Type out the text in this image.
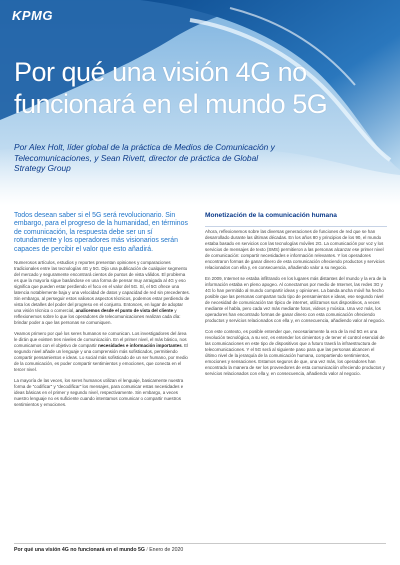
KPMG
Por qué una visión 4G no
funcionará en el mundo 5G
Por Alex Holt, líder global de la práctica de Medios de Comunicación y Telecomunicaciones, y Sean Rivett, director de práctica de Global Strategy Group

Todos desean saber si el 5G será revolucionario. Sin embargo, para el progreso de la humanidad, en términos de comunicación, la respuesta debe ser un sí rotundamente y los operadores más visionarios serán capaces de percibir el valor que esto añadirá.

Numerosos artículos, estudios y reportes presentan opiniones y comparaciones tradicionales entre las tecnologías 4G y 5G. Dijo una publicación de cualquier segmento del mercado y seguramente encontrará cientos de puntos de vista válidos. El problema es que la mayoría sigue basándose en una forma de pensar muy arraigada al 4G y eso significa que pueden estar perdiendo el foco en el valor del 5G. Sí, el 5G ofrece una latencia notablemente baja y una velocidad de datos y capacidad de red sin precedentes. Sin embargo, al perseguir estos valiosos aspectos técnicos, podemos estar perdiendo de vista los detalles del poder del progreso en el conjunto. Entonces, en lugar de adoptar una visión técnica o comercial, analicemos desde el punto de vista del cliente y reflexionemos sobre lo que los operadores de telecomunicaciones realizan cada día: brindar poder a que las personas se comuniquen.

Veamos primero por qué los seres humanos se comunican. Los investigadores del área le dirán que existen tres niveles de comunicación. En el primer nivel, el más básico, nos comunicamos con el objetivo de compartir necesidades e información importantes. El segundo nivel añade un lenguaje y una comprensión más sofisticados, permitiendo compartir pensamientos e ideas. Lo social más sofisticado de un ser humano, por medio de la comunicación, es poder compartir sentimientos y emociones, que conecta en el tercer nivel.

La mayoría de las veces, los seres humanos utilizan el lenguaje, basicamente nuestra forma de “codificar” y “decodificar” los mensajes, para comunicar estas necesidades e ideas básicas en el primer y segundo nivel, respectivamente. Sin embargo, a veces nuestro lenguaje no es suficiente cuando intentamos comunicar o compartir nuestros sentimientos y emociones.

Monetización de la comunicación humana

Ahora, reflexionemos sobre las diversas generaciones de funciones de red que se han desarrollado durante las últimas décadas. En los años 80 y principios de los 90, el mundo estaba basado en servicios con las tecnologías móviles 2G. La comunicación por voz y los servicios de mensajes de texto (SMS) permitieron a las personas alcanzar ese primer nivel de comunicación: compartir necesidades e información relevantes. Y los operadores encontraron formas de ganar dinero de esta comunicación ofreciendo productos y servicios relacionados con ella y, en consecuencia, añadiendo valor a su negocio.

En 2009, Internet se estaba infiltrando en los lugares más distantes del mundo y la era de la información estaba en pleno apogeo. Al conectarnos por medio de Internet, las redes 3G y 4G lo han permitido al mundo compartir ideas y opiniones. La banda ancha móvil ha hecho posible que las personas compartan todo tipo de pensamientos e ideas, ese segundo nivel de necesidad de comunicación tan típico de internet, utilizamos sus dispositivos, a veces mediante el habla, pero cada vez más mediante fotos, videos y música. Una vez más, los operadores han encontrado formas de ganar dinero con esta comunicación ofreciendo productos y servicios relacionados con ella y, en consecuencia, añadiendo valor al negocio.

Con este contexto, es posible entender que, necesariamente la era de la red 5G es una revolución tecnológica, a su vez, es entender los cimientos y de tener el control esencial de las comunicaciones en este tipo de dispositivos que a futuro traerá la infraestructura de telecomunicaciones. Y el 5G será al siguiente paso para que las personas alcancen el último nivel de la jerarquía de la comunicación humana, compartiendo sentimientos, emociones y sensaciones. Estamos seguros de que, una vez más, los operadores han encontrado la manera de ser los proveedores de esta comunicación ofreciendo productos y servicios relacionados con ella y, en consecuencia, añadiendo valor al negocio.

Por qué una visión 4G no funcionará en el mundo 5G / Enero de 2020
